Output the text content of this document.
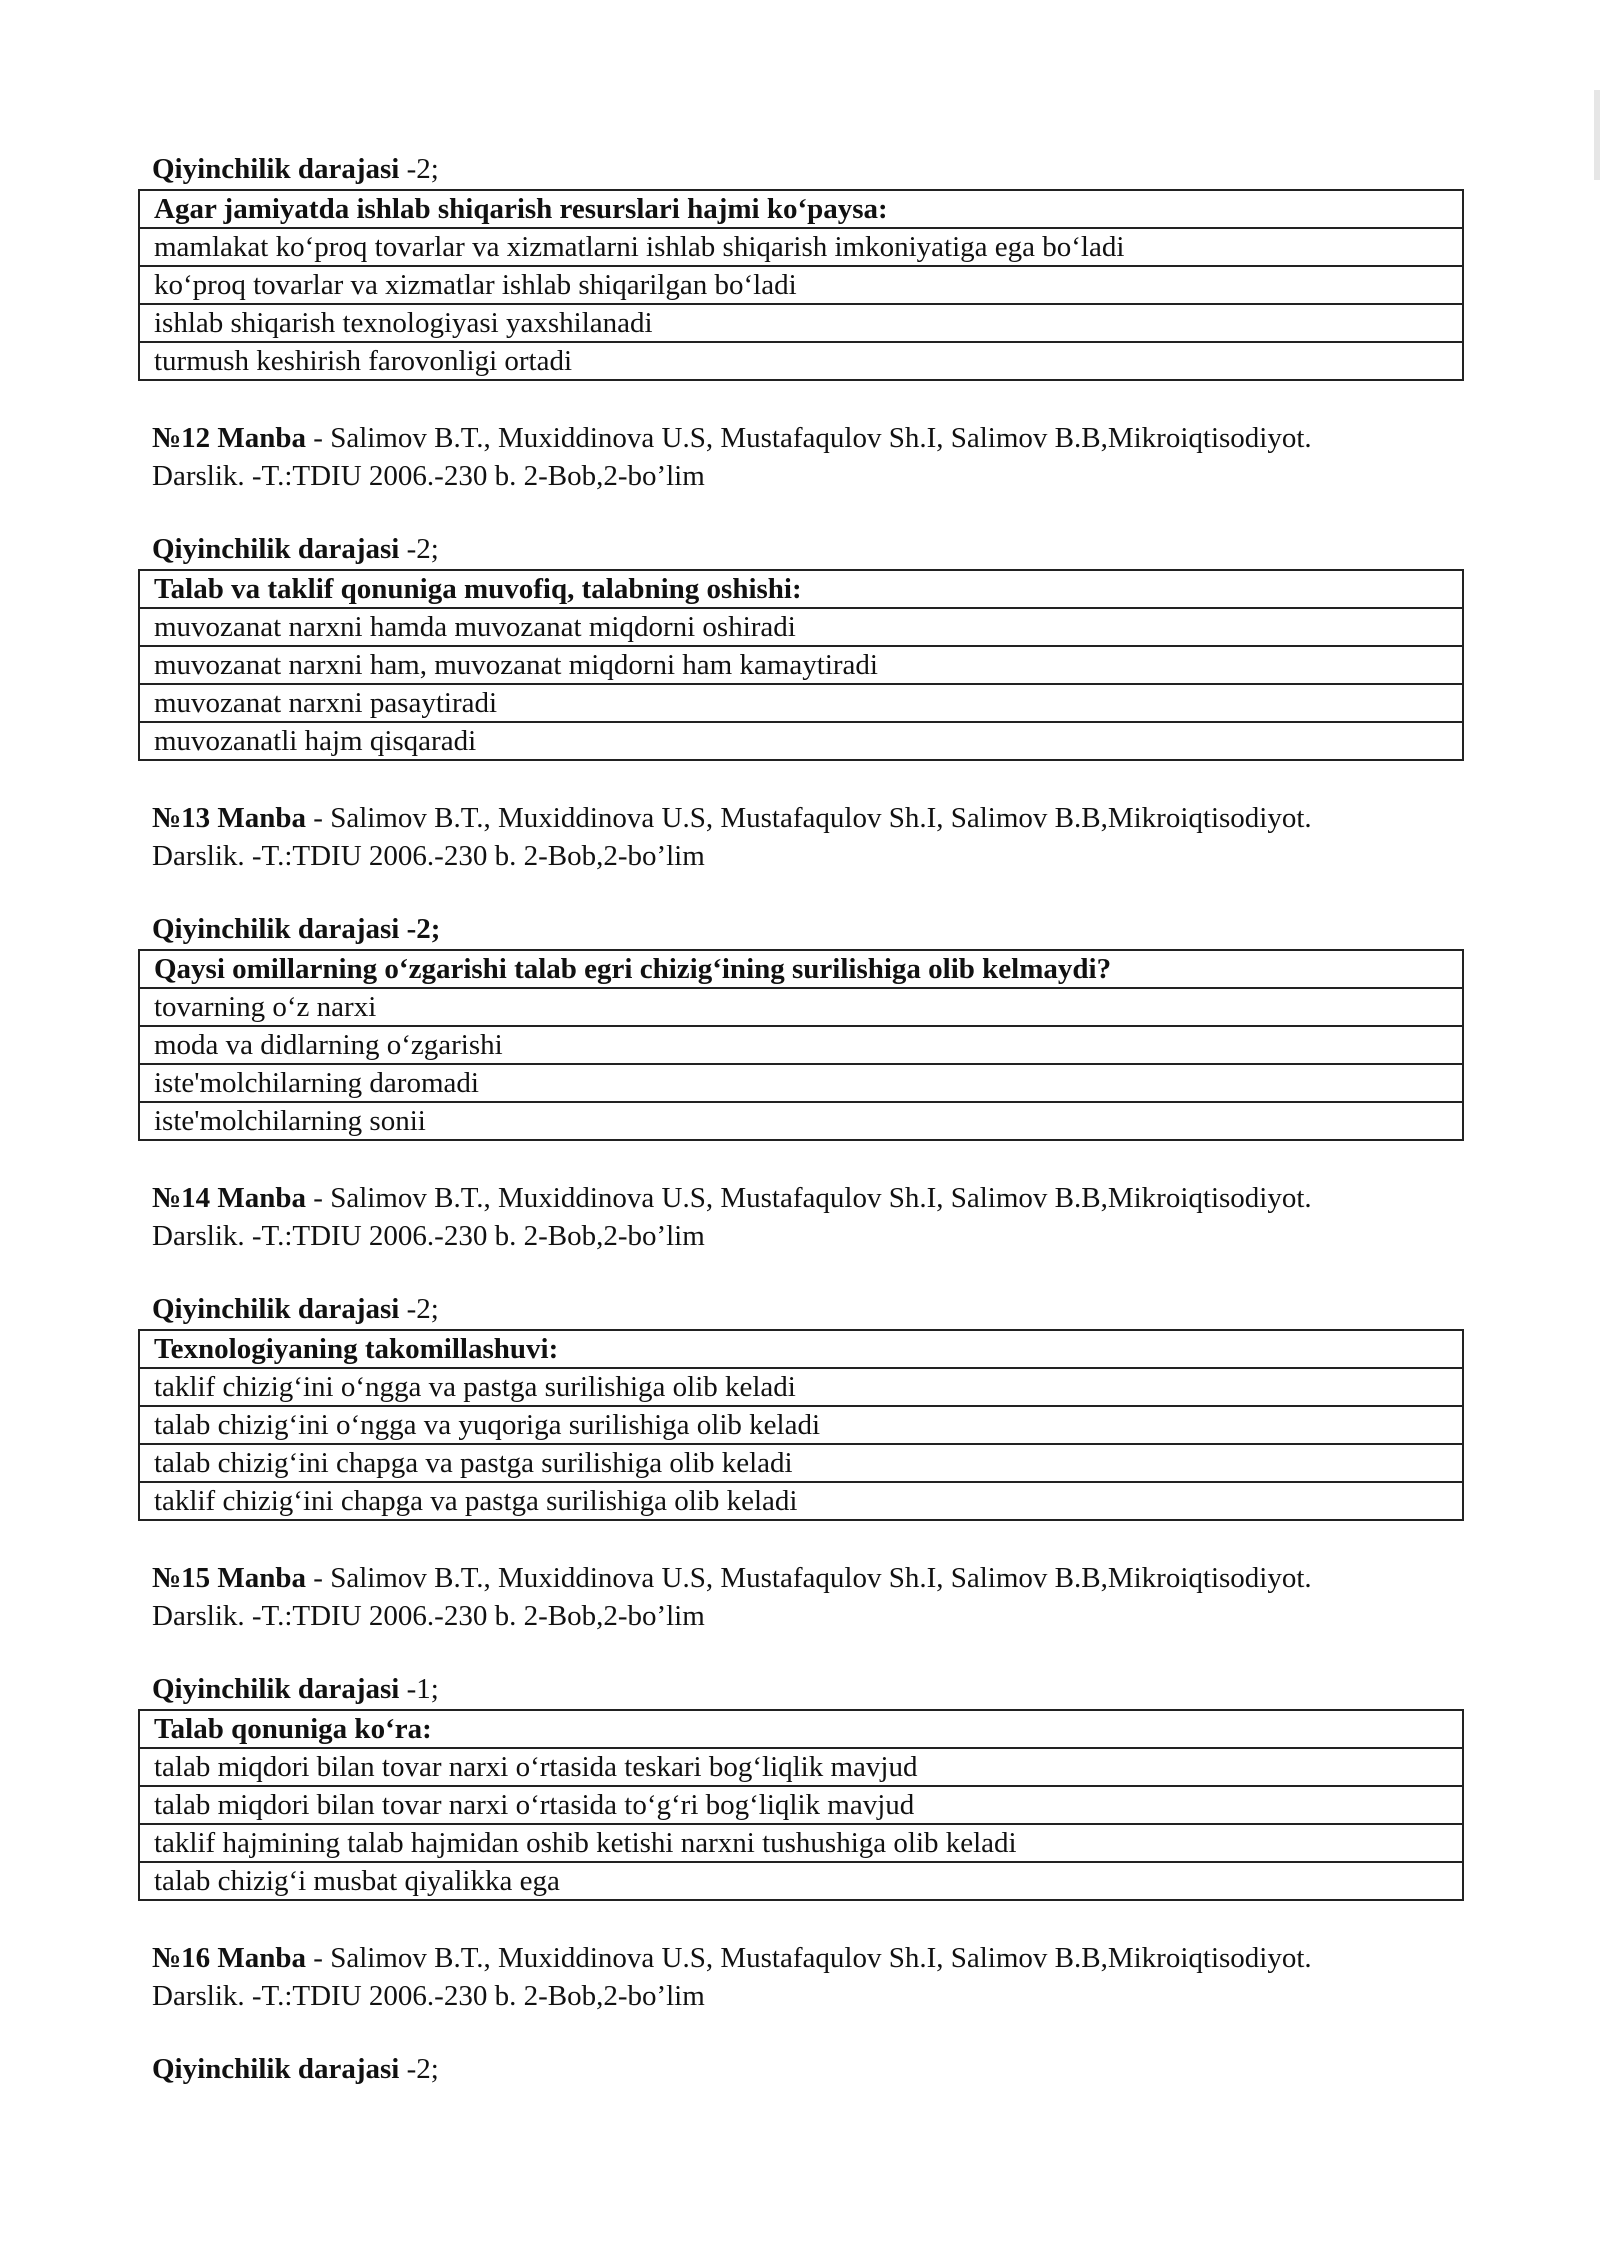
Qiyinchilik darajasi -2;
Agar jamiyatda ishlab shiqarish resurslari hajmi ko‘paysa:
mamlakat ko‘proq tovarlar va xizmatlarni ishlab shiqarish imkoniyatiga ega bo‘ladi
ko‘proq tovarlar va xizmatlar ishlab shiqarilgan bo‘ladi
ishlab shiqarish texnologiyasi yaxshilanadi
turmush keshirish farovonligi ortadi
№12 Manba - Salimov B.T., Muxiddinova U.S, Mustafaqulov Sh.I, Salimov B.B,Mikroiqtisodiyot.
Darslik. -T.:TDIU 2006.-230 b. 2-Bob,2-bo’lim
Qiyinchilik darajasi -2;
Talab va taklif qonuniga muvofiq, talabning oshishi:
muvozanat narxni hamda muvozanat miqdorni oshiradi
muvozanat narxni ham, muvozanat miqdorni ham kamaytiradi
muvozanat narxni pasaytiradi
muvozanatli hajm qisqaradi
№13 Manba - Salimov B.T., Muxiddinova U.S, Mustafaqulov Sh.I, Salimov B.B,Mikroiqtisodiyot.
Darslik. -T.:TDIU 2006.-230 b. 2-Bob,2-bo’lim
Qiyinchilik darajasi -2;
Qaysi omillarning o‘zgarishi talab egri chizig‘ining surilishiga olib kelmaydi?
tovarning o‘z narxi
moda va didlarning o‘zgarishi
iste'molchilarning daromadi
iste'molchilarning sonii
№14 Manba - Salimov B.T., Muxiddinova U.S, Mustafaqulov Sh.I, Salimov B.B,Mikroiqtisodiyot.
Darslik. -T.:TDIU 2006.-230 b. 2-Bob,2-bo’lim
Qiyinchilik darajasi -2;
Texnologiyaning takomillashuvi:
taklif chizig‘ini o‘ngga va pastga surilishiga olib keladi
talab chizig‘ini o‘ngga va yuqoriga surilishiga olib keladi
talab chizig‘ini chapga va pastga surilishiga olib keladi
taklif chizig‘ini chapga va pastga surilishiga olib keladi
№15 Manba - Salimov B.T., Muxiddinova U.S, Mustafaqulov Sh.I, Salimov B.B,Mikroiqtisodiyot.
Darslik. -T.:TDIU 2006.-230 b. 2-Bob,2-bo’lim
Qiyinchilik darajasi -1;
Talab qonuniga ko‘ra:
talab miqdori bilan tovar narxi o‘rtasida teskari bog‘liqlik mavjud
talab miqdori bilan tovar narxi o‘rtasida to‘g‘ri bog‘liqlik mavjud
taklif hajmining talab hajmidan oshib ketishi narxni tushushiga olib keladi
talab chizig‘i musbat qiyalikka ega
№16 Manba - Salimov B.T., Muxiddinova U.S, Mustafaqulov Sh.I, Salimov B.B,Mikroiqtisodiyot.
Darslik. -T.:TDIU 2006.-230 b. 2-Bob,2-bo’lim
Qiyinchilik darajasi -2;
